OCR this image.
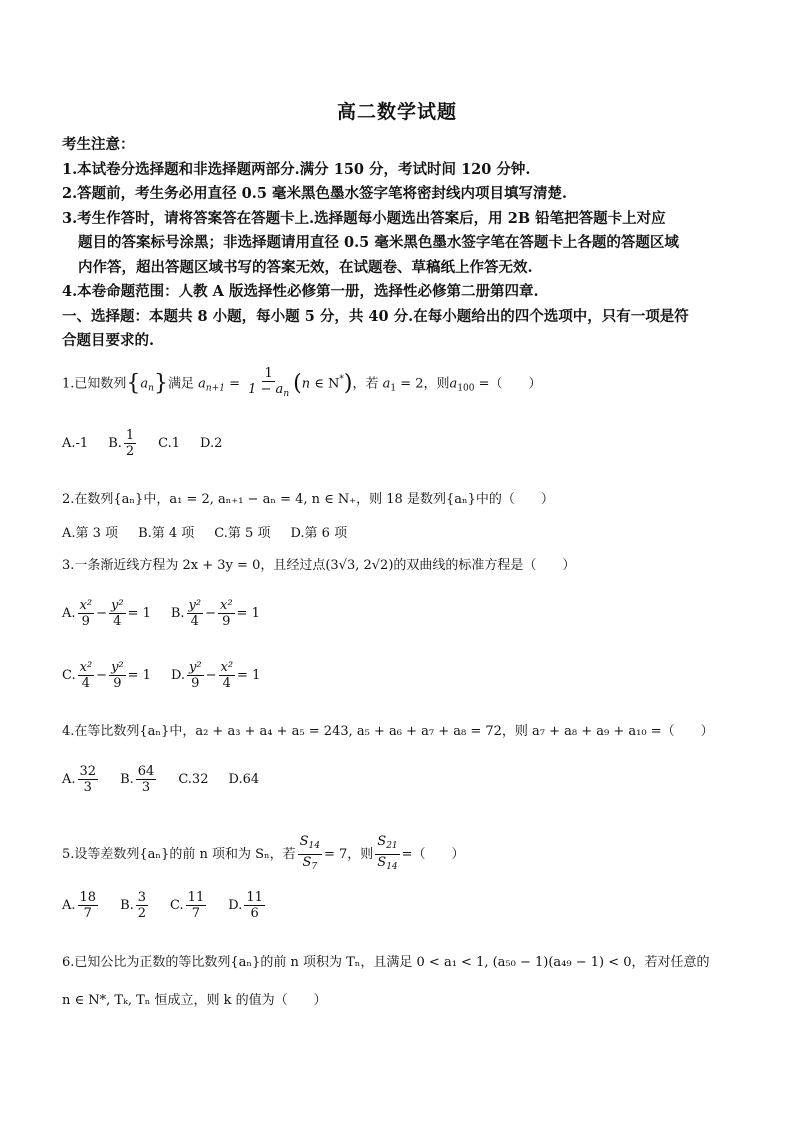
高二数学试题
考生注意：
1.本试卷分选择题和非选择题两部分.满分 150 分，考试时间 120 分钟.
2.答题前，考生务必用直径 0.5 毫米黑色墨水签字笔将密封线内项目填写清楚.
3.考生作答时，请将答案答在答题卡上.选择题每小题选出答案后，用 2B 铅笔把答题卡上对应
题目的答案标号涂黑；非选择题请用直径 0.5 毫米黑色墨水签字笔在答题卡上各题的答题区域
内作答，超出答题区域书写的答案无效，在试题卷、草稿纸上作答无效.
4.本卷命题范围：人教 A 版选择性必修第一册，选择性必修第二册第四章.
一、选择题：本题共 8 小题，每小题 5 分，共 40 分.在每小题给出的四个选项中，只有一项是符
合题目要求的.
1.已知数列$\{a_n\}$满足 $a_{n+1} = \frac{1}{1 - a_n} (n$ ∈ N*)，若 $a_1 = 2$，则$a_{100}$ =（　　）
A.-1 B. $\frac{1}{2} C.1$ D.2
2.在数列{aₙ}中，a₁ = 2, aₙ₊₁ − aₙ = 4, n ∈ N₊，则 18 是数列{aₙ}中的（　　）
A.第 3 项 B.第 4 项 C.第 5 项 D.第 6 项
3.一条渐近线方程为 2x + 3y = 0，且经过点(3√3, 2√2)的双曲线的标准方程是（　　）
A. $\frac{\text{x²}}{9} - \frac{\text{y²}}{4} = 1$ B. $\frac{\text{y²}}{4} - \frac{\text{x²}}{9} = 1$
C. $\frac{\text{x²}}{4} - \frac{\text{y²}}{9} = 1$ D. $\frac{\text{y²}}{9} - \frac{\text{x²}}{4} = 1$
4.在等比数列{aₙ}中，a₂ + a₃ + a₄ + a₅ = 243, a₅ + a₆ + a₇ + a₈ = 72，则 a₇ + a₈ + a₉ + a₁₀ =（　　）
A. $\frac{32}{3} B$. $\frac{64}{3} C.32$ D.64
5.设等差数列{aₙ}的前 n 项和为 Sₙ，若 $\frac{S_{14}}{S_7} = 7$，则 $\frac{S_{21}}{S_{14}}$ =（　　）
A. $\frac{18}{7} B$. $\frac{3}{2} C$. $\frac{11}{7} D$. $\frac{11}{6}$
6.已知公比为正数的等比数列{aₙ}的前 n 项积为 Tₙ，且满足 0 < a₁ < 1, (a₅₀ − 1)(a₄₉ − 1) < 0，若对任意的
n ∈ N*, Tₖ, Tₙ 恒成立，则 k 的值为（　　）
